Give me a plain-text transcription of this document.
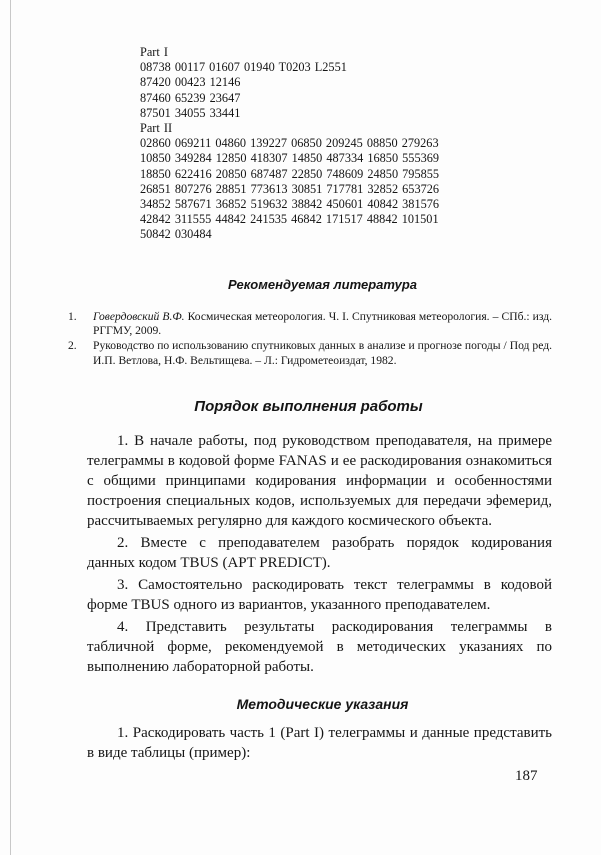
Part I
08738 00117 01607 01940 T0203 L2551
87420 00423 12146
87460 65239 23647
87501 34055 33441
Part II
02860 069211 04860 139227 06850 209245 08850 279263
10850 349284 12850 418307 14850 487334 16850 555369
18850 622416 20850 687487 22850 748609 24850 795855
26851 807276 28851 773613 30851 717781 32852 653726
34852 587671 36852 519632 38842 450601 40842 381576
42842 311555 44842 241535 46842 171517 48842 101501
50842 030484
Рекомендуемая литература
1. Говердовский В.Ф. Космическая метеорология. Ч. I. Спутниковая метеорология. – СПб.: изд. РГГМУ, 2009.
2. Руководство по использованию спутниковых данных в анализе и прогнозе погоды / Под ред. И.П. Ветлова, Н.Ф. Вельтищева. – Л.: Гидрометеоиздат, 1982.
Порядок выполнения работы

1. В начале работы, под руководством преподавателя, на примере телеграммы в кодовой форме FANAS и ее раскодирования ознакомиться с общими принципами кодирования информации и особенностями построения специальных кодов, используемых для передачи эфемерид, рассчитываемых регулярно для каждого космического объекта.

2. Вместе с преподавателем разобрать порядок кодирования данных кодом TBUS (APT PREDICT).

3. Самостоятельно раскодировать текст телеграммы в кодовой форме TBUS одного из вариантов, указанного преподавателем.

4. Представить результаты раскодирования телеграммы в табличной форме, рекомендуемой в методических указаниях по выполнению лабораторной работы.

Методические указания

1. Раскодировать часть 1 (Part I) телеграммы и данные представить в виде таблицы (пример):

187
